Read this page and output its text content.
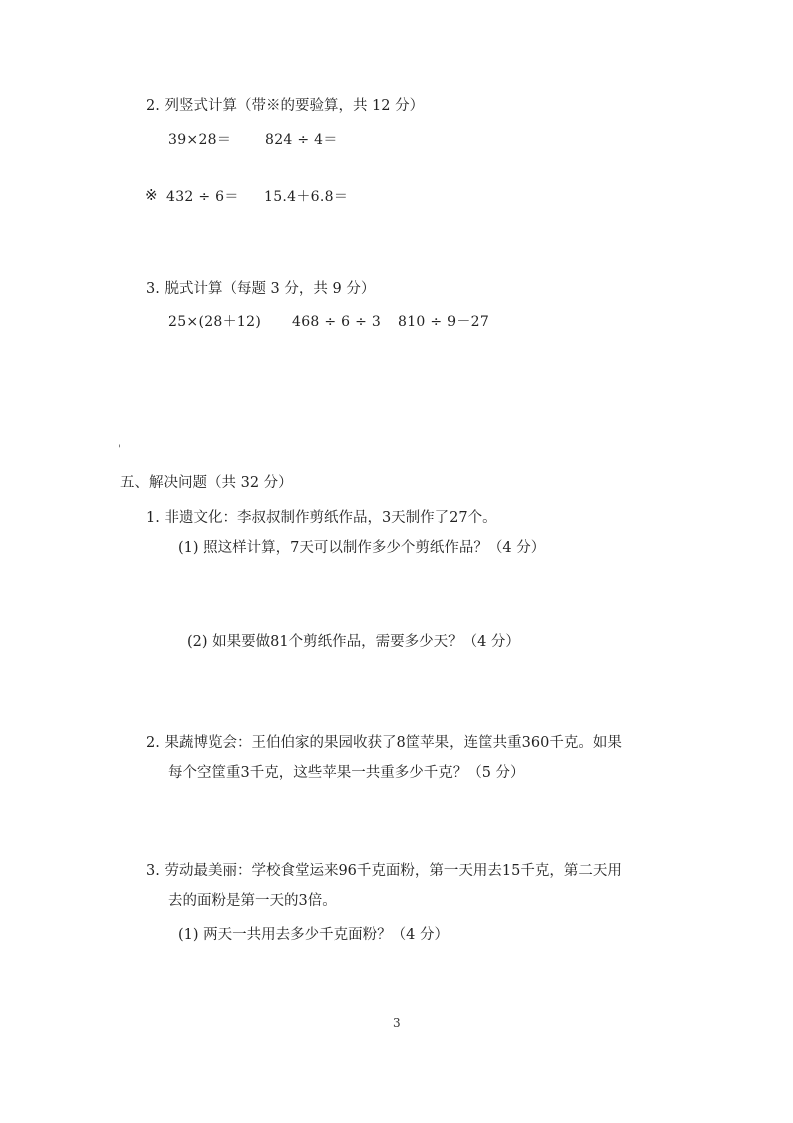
2. 列竖式计算（带※的要验算，共 12 分）
39×28＝ 824 ÷ 4＝
※ 432 ÷ 6＝ 15.4＋6.8＝
3. 脱式计算（每题 3 分，共 9 分）
25×(28＋12) 468 ÷ 6 ÷ 3 810 ÷ 9－27
'
五、解决问题（共 32 分）
1. 非遗文化：李叔叔制作剪纸作品，3天制作了27个。
(1) 照这样计算，7天可以制作多少个剪纸作品？（4 分）
(2) 如果要做81个剪纸作品，需要多少天？（4 分）
2. 果蔬博览会：王伯伯家的果园收获了8筐苹果，连筐共重360千克。如果
每个空筐重3千克，这些苹果一共重多少千克？（5 分）
3. 劳动最美丽：学校食堂运来96千克面粉，第一天用去15千克，第二天用
去的面粉是第一天的3倍。
(1) 两天一共用去多少千克面粉？（4 分）
3
